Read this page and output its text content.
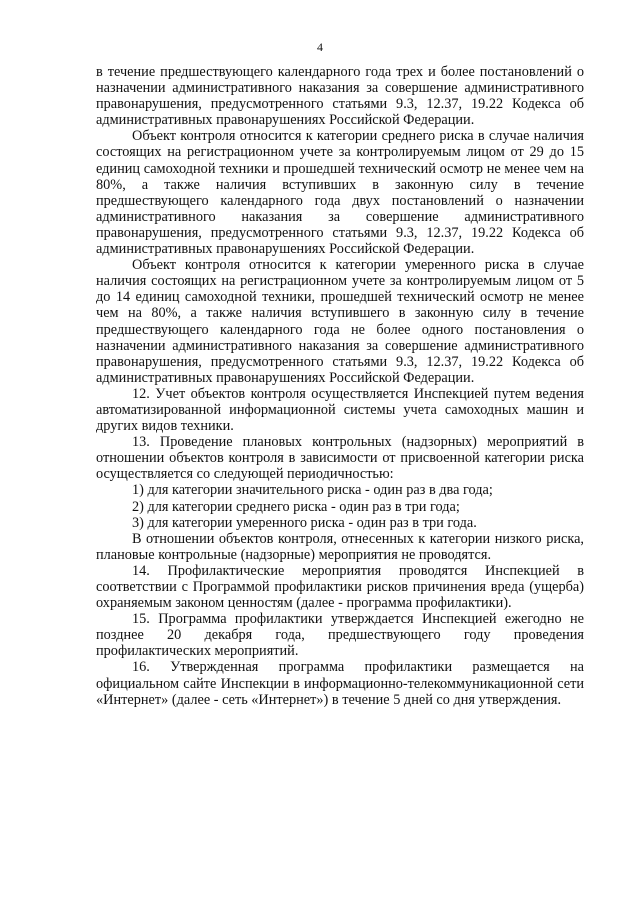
4

в течение предшествующего календарного года трех и более постановлений о назначении административного наказания за совершение административного правонарушения, предусмотренного статьями 9.3, 12.37, 19.22 Кодекса об административных правонарушениях Российской Федерации.

Объект контроля относится к категории среднего риска в случае наличия состоящих на регистрационном учете за контролируемым лицом от 29 до 15 единиц самоходной техники и прошедшей технический осмотр не менее чем на 80%, а также наличия вступивших в законную силу в течение предшествующего календарного года двух постановлений о назначении административного наказания за совершение административного правонарушения, предусмотренного статьями 9.3, 12.37, 19.22 Кодекса об административных правонарушениях Российской Федерации.

Объект контроля относится к категории умеренного риска в случае наличия состоящих на регистрационном учете за контролируемым лицом от 5 до 14 единиц самоходной техники, прошедшей технический осмотр не менее чем на 80%, а также наличия вступившего в законную силу в течение предшествующего календарного года не более одного постановления о назначении административного наказания за совершение административного правонарушения, предусмотренного статьями 9.3, 12.37, 19.22 Кодекса об административных правонарушениях Российской Федерации.

12. Учет объектов контроля осуществляется Инспекцией путем ведения автоматизированной информационной системы учета самоходных машин и других видов техники.

13. Проведение плановых контрольных (надзорных) мероприятий в отношении объектов контроля в зависимости от присвоенной категории риска осуществляется со следующей периодичностью:

1) для категории значительного риска - один раз в два года;

2) для категории среднего риска - один раз в три года;

3) для категории умеренного риска - один раз в три года.

В отношении объектов контроля, отнесенных к категории низкого риска, плановые контрольные (надзорные) мероприятия не проводятся.

14. Профилактические мероприятия проводятся Инспекцией в соответствии с Программой профилактики рисков причинения вреда (ущерба) охраняемым законом ценностям (далее - программа профилактики).

15. Программа профилактики утверждается Инспекцией ежегодно не позднее 20 декабря года, предшествующего году проведения профилактических мероприятий.

16. Утвержденная программа профилактики размещается на официальном сайте Инспекции в информационно-телекоммуникационной сети «Интернет» (далее - сеть «Интернет») в течение 5 дней со дня утверждения.
